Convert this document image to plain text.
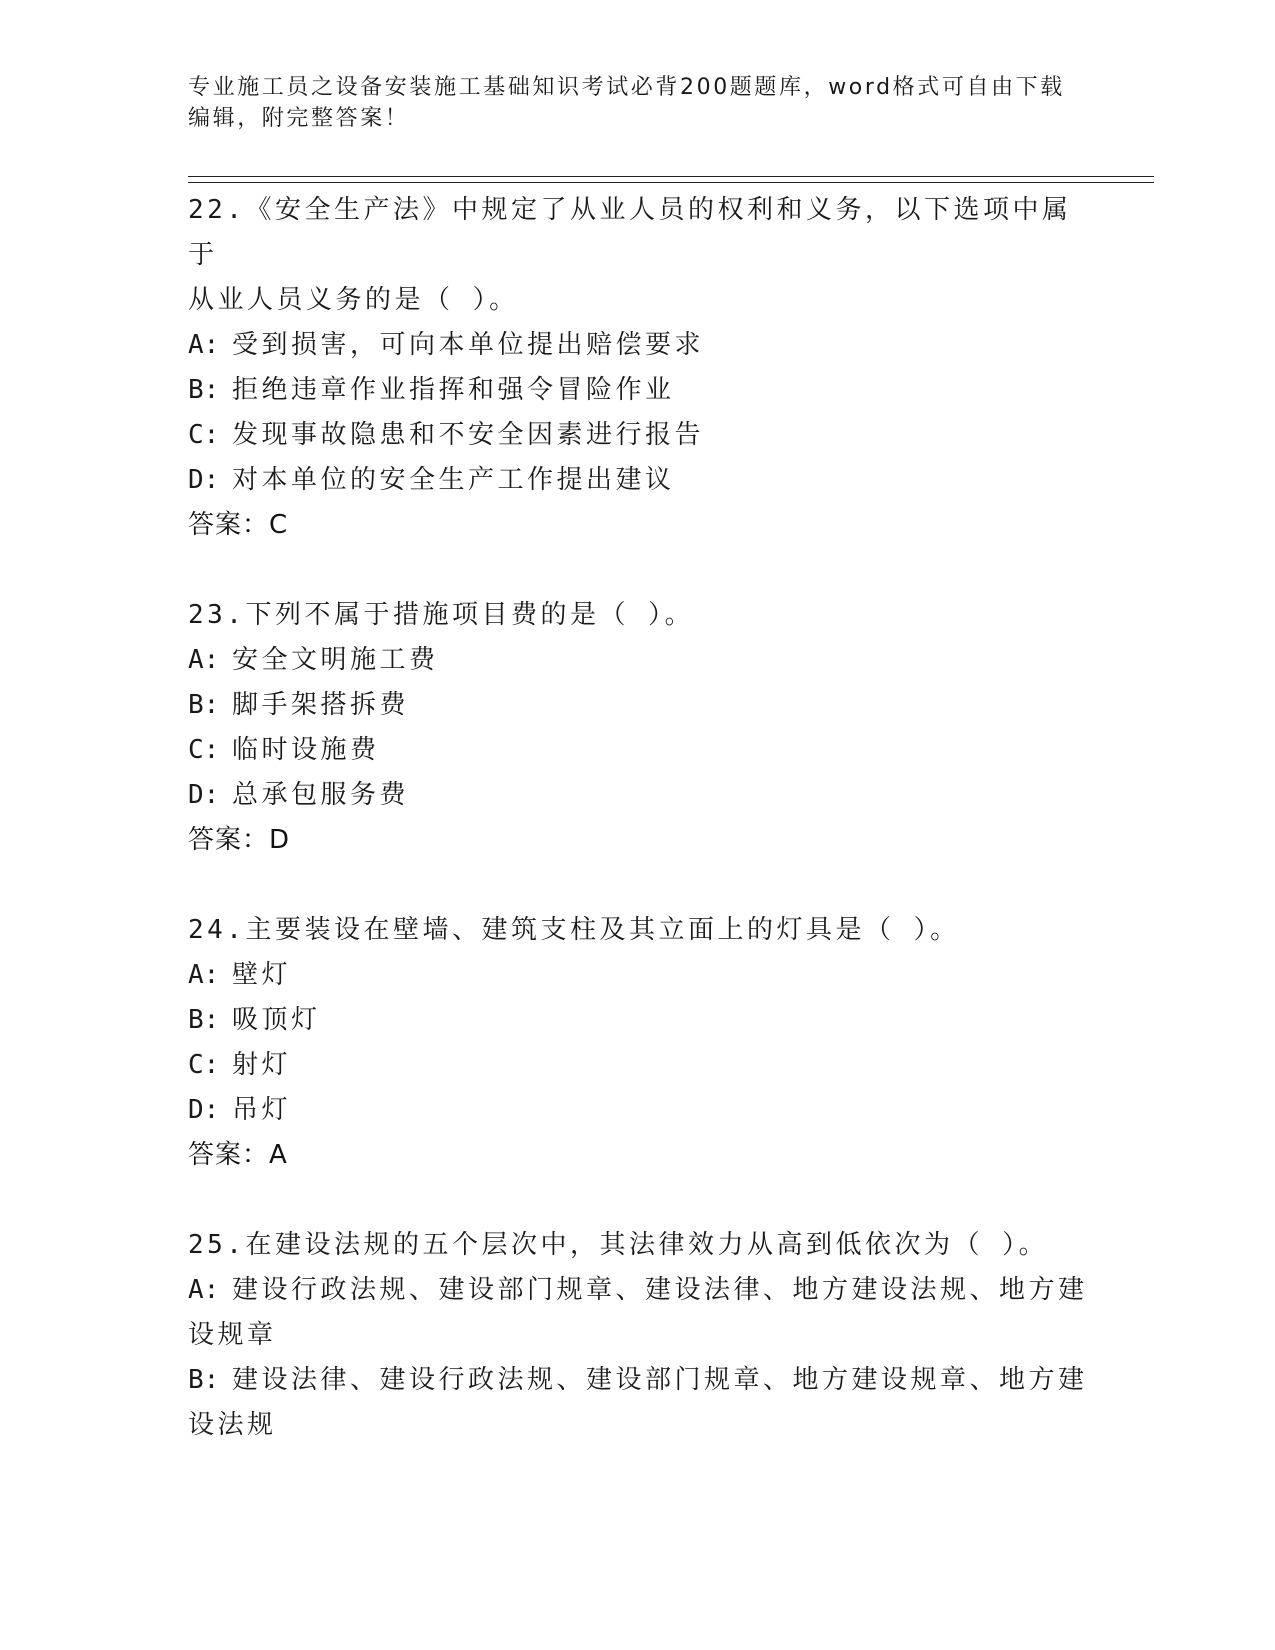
专业施工员之设备安装施工基础知识考试必背200题题库，word格式可自由下载
编辑，附完整答案！
22.《安全生产法》中规定了从业人员的权利和义务，以下选项中属于
从业人员义务的是（ ）。
A: 受到损害，可向本单位提出赔偿要求
B: 拒绝违章作业指挥和强令冒险作业
C: 发现事故隐患和不安全因素进行报告
D: 对本单位的安全生产工作提出建议
答案：C
23.下列不属于措施项目费的是（ ）。
A: 安全文明施工费
B: 脚手架搭拆费
C: 临时设施费
D: 总承包服务费
答案：D
24.主要装设在壁墙、建筑支柱及其立面上的灯具是（ ）。
A: 壁灯
B: 吸顶灯
C: 射灯
D: 吊灯
答案：A
25.在建设法规的五个层次中，其法律效力从高到低依次为（ ）。
A: 建设行政法规、建设部门规章、建设法律、地方建设法规、地方建
设规章
B: 建设法律、建设行政法规、建设部门规章、地方建设规章、地方建
设法规
